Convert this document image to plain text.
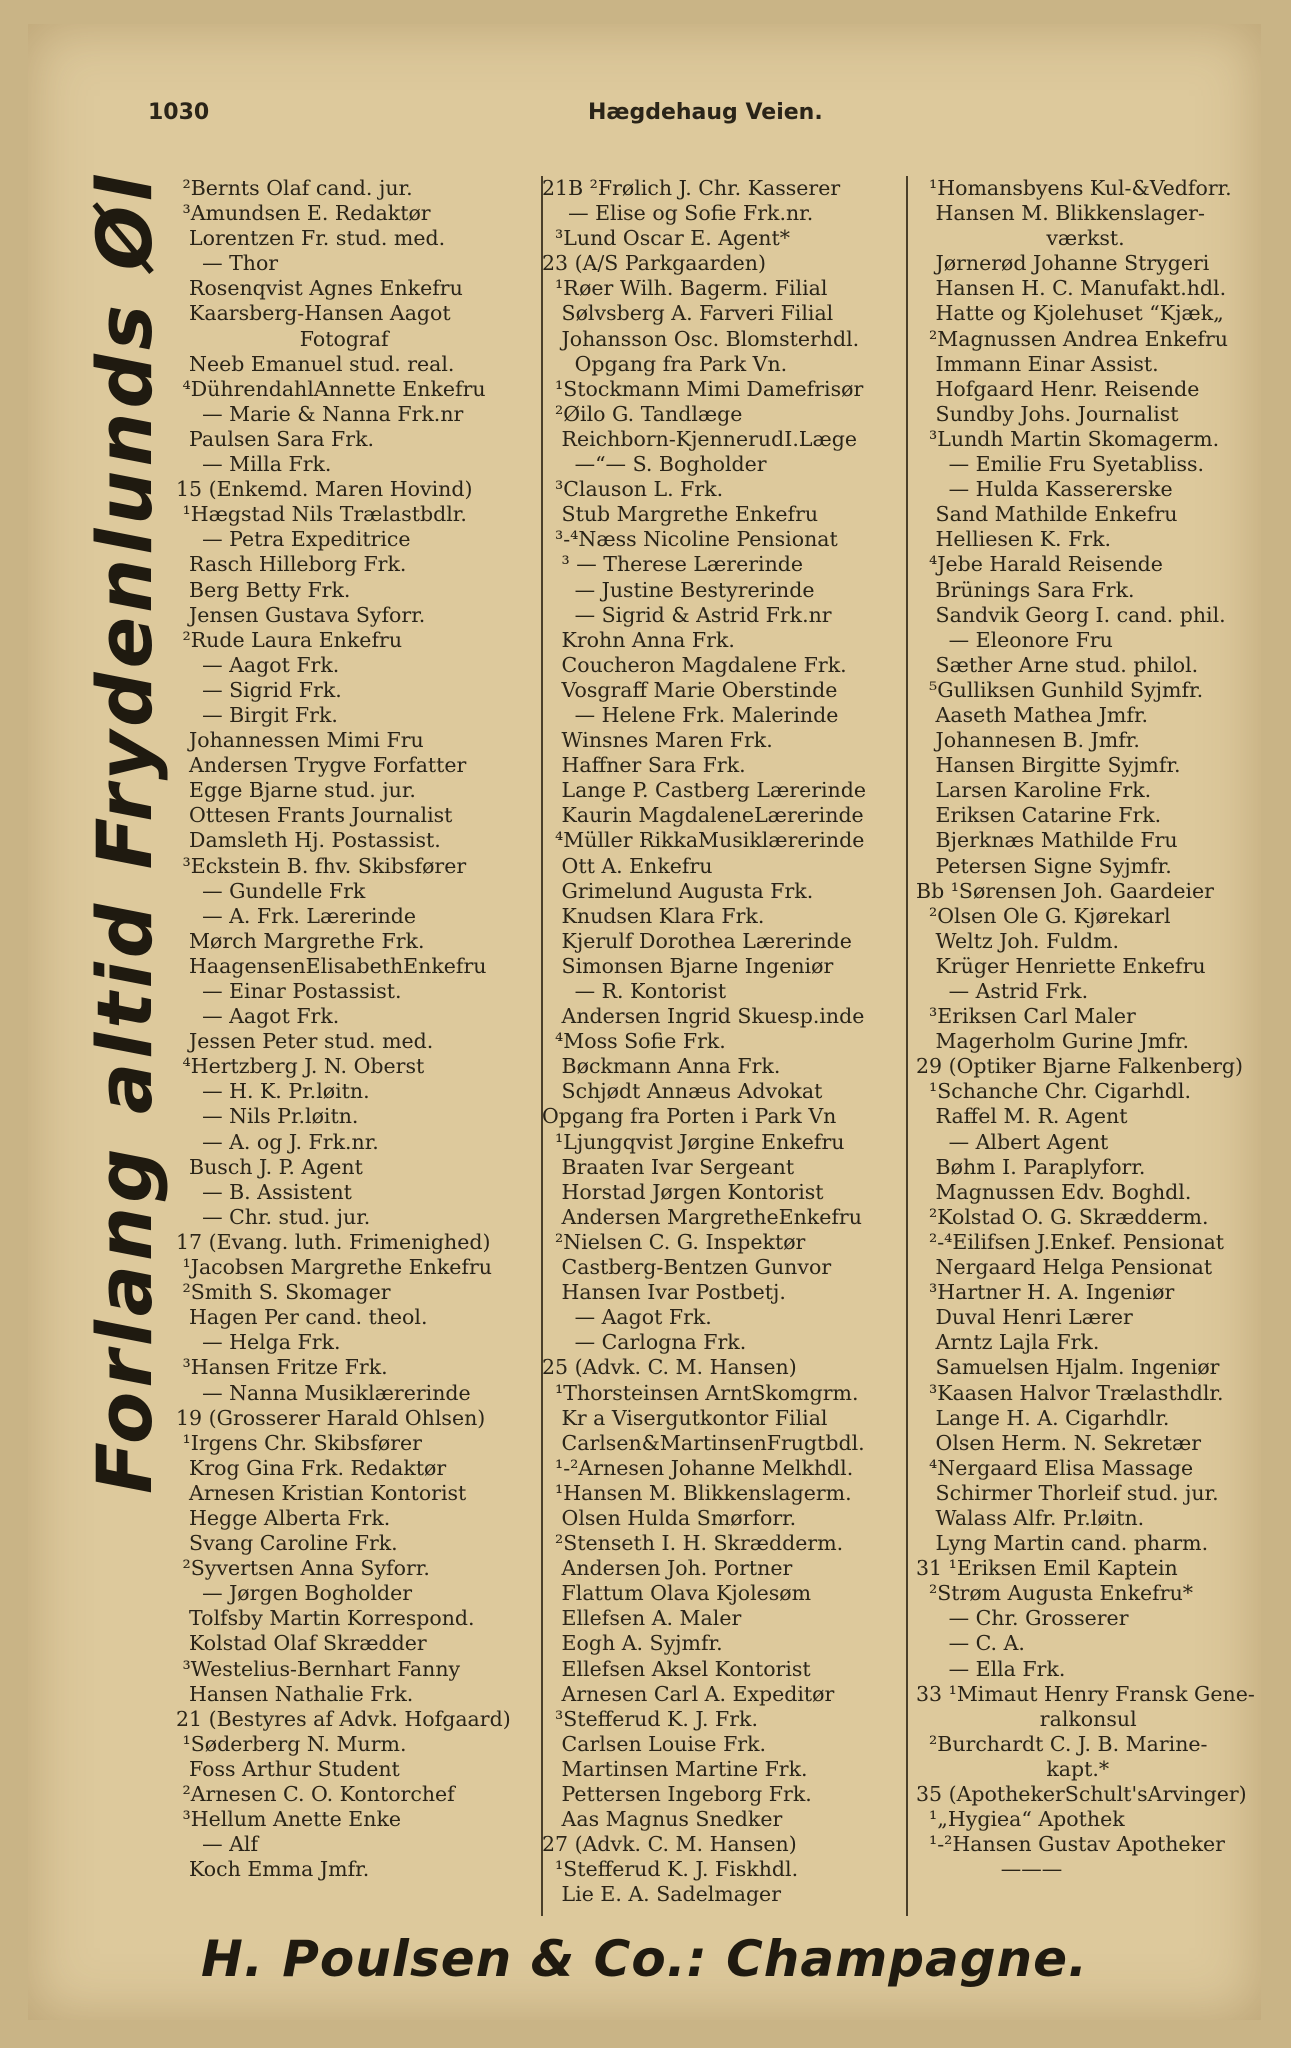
1030	Hægdehaug Veien.
Forlang altid Frydenlunds Øl ²Bernts Olaf cand. jur.
³Amundsen E. Redaktør
Lorentzen Fr. stud. med.
— Thor
Rosenqvist Agnes Enkefru
Kaarsberg-Hansen Aagot
Fotograf
Neeb Emanuel stud. real.
⁴DührendahlAnnette Enkefru
— Marie & Nanna Frk.nr
Paulsen Sara Frk.
— Milla Frk.
15 (Enkemd. Maren Hovind)
¹Hægstad Nils Trælastbdlr.
— Petra Expeditrice
Rasch Hilleborg Frk.
Berg Betty Frk.
Jensen Gustava Syforr.
²Rude Laura Enkefru
— Aagot Frk.
— Sigrid Frk.
— Birgit Frk.
Johannessen Mimi Fru
Andersen Trygve Forfatter
Egge Bjarne stud. jur.
Ottesen Frants Journalist
Damsleth Hj. Postassist.
³Eckstein B. fhv. Skibsfører
— Gundelle Frk
— A. Frk. Lærerinde
Mørch Margrethe Frk.
HaagensenElisabethEnkefru
— Einar Postassist.
— Aagot Frk.
Jessen Peter stud. med.
⁴Hertzberg J. N. Oberst
— H. K. Pr.løitn.
— Nils Pr.løitn.
— A. og J. Frk.nr.
Busch J. P. Agent
— B. Assistent
— Chr. stud. jur.
17 (Evang. luth. Frimenighed)
¹Jacobsen Margrethe Enkefru
²Smith S. Skomager
Hagen Per cand. theol.
— Helga Frk.
³Hansen Fritze Frk.
— Nanna Musiklærerinde
19 (Grosserer Harald Ohlsen)
¹Irgens Chr. Skibsfører
Krog Gina Frk. Redaktør
Arnesen Kristian Kontorist
Hegge Alberta Frk.
Svang Caroline Frk.
²Syvertsen Anna Syforr.
— Jørgen Bogholder
Tolfsby Martin Korrespond.
Kolstad Olaf Skrædder
³Westelius-Bernhart Fanny
Hansen Nathalie Frk.
21 (Bestyres af Advk. Hofgaard)
¹Søderberg N. Murm.
Foss Arthur Student
²Arnesen C. O. Kontorchef
³Hellum Anette Enke
— Alf
Koch Emma Jmfr.
21B ²Frølich J. Chr. Kasserer
— Elise og Sofie Frk.nr.
³Lund Oscar E. Agent*
23 (A/S Parkgaarden)
¹Røer Wilh. Bagerm. Filial
Sølvsberg A. Farveri Filial
Johansson Osc. Blomsterhdl.
Opgang fra Park Vn.
¹Stockmann Mimi Damefrisør
²Øilo G. Tandlæge
Reichborn-KjennerudI.Læge
—“— S. Bogholder
³Clauson L. Frk.
Stub Margrethe Enkefru
³-⁴Næss Nicoline Pensionat
³ — Therese Lærerinde
— Justine Bestyrerinde
— Sigrid & Astrid Frk.nr
Krohn Anna Frk.
Coucheron Magdalene Frk.
Vosgraff Marie Oberstinde
— Helene Frk. Malerinde
Winsnes Maren Frk.
Haffner Sara Frk.
Lange P. Castberg Lærerinde
Kaurin MagdaleneLærerinde
⁴Müller RikkaMusiklærerinde
Ott A. Enkefru
Grimelund Augusta Frk.
Knudsen Klara Frk.
Kjerulf Dorothea Lærerinde
Simonsen Bjarne Ingeniør
— R. Kontorist
Andersen Ingrid Skuesp.inde
⁴Moss Sofie Frk.
Bøckmann Anna Frk.
Schjødt Annæus Advokat
Opgang fra Porten i Park Vn
¹Ljungqvist Jørgine Enkefru
Braaten Ivar Sergeant
Horstad Jørgen Kontorist
Andersen MargretheEnkefru
²Nielsen C. G. Inspektør
Castberg-Bentzen Gunvor
Hansen Ivar Postbetj.
— Aagot Frk.
— Carlogna Frk.
25 (Advk. C. M. Hansen)
¹Thorsteinsen ArntSkomgrm.
Kr a Visergutkontor Filial
Carlsen&MartinsenFrugtbdl.
¹-²Arnesen Johanne Melkhdl.
¹Hansen M. Blikkenslagerm.
Olsen Hulda Smørforr.
²Stenseth I. H. Skrædderm.
Andersen Joh. Portner
Flattum Olava Kjolesøm
Ellefsen A. Maler
Eogh A. Syjmfr.
Ellefsen Aksel Kontorist
Arnesen Carl A. Expeditør
³Stefferud K. J. Frk.
Carlsen Louise Frk.
Martinsen Martine Frk.
Pettersen Ingeborg Frk.
Aas Magnus Snedker
27 (Advk. C. M. Hansen)
¹Stefferud K. J. Fiskhdl.
Lie E. A. Sadelmager
¹Homansbyens Kul-&Vedforr.
Hansen M. Blikkenslager-
værkst.
Jørnerød Johanne Strygeri
Hansen H. C. Manufakt.hdl.
Hatte og Kjolehuset “Kjæk„
²Magnussen Andrea Enkefru
Immann Einar Assist.
Hofgaard Henr. Reisende
Sundby Johs. Journalist
³Lundh Martin Skomagerm.
— Emilie Fru Syetabliss.
— Hulda Kassererske
Sand Mathilde Enkefru
Helliesen K. Frk.
⁴Jebe Harald Reisende
Brünings Sara Frk.
Sandvik Georg I. cand. phil.
— Eleonore Fru
Sæther Arne stud. philol.
⁵Gulliksen Gunhild Syjmfr.
Aaseth Mathea Jmfr.
Johannesen B. Jmfr.
Hansen Birgitte Syjmfr.
Larsen Karoline Frk.
Eriksen Catarine Frk.
Bjerknæs Mathilde Fru
Petersen Signe Syjmfr.
Bb ¹Sørensen Joh. Gaardeier
²Olsen Ole G. Kjørekarl
Weltz Joh. Fuldm.
Krüger Henriette Enkefru
— Astrid Frk.
³Eriksen Carl Maler
Magerholm Gurine Jmfr.
29 (Optiker Bjarne Falkenberg)
¹Schanche Chr. Cigarhdl.
Raffel M. R. Agent
— Albert Agent
Bøhm I. Paraplyforr.
Magnussen Edv. Boghdl.
²Kolstad O. G. Skrædderm.
²-⁴Eilifsen J.Enkef. Pensionat
Nergaard Helga Pensionat
³Hartner H. A. Ingeniør
Duval Henri Lærer
Arntz Lajla Frk.
Samuelsen Hjalm. Ingeniør
³Kaasen Halvor Trælasthdlr.
Lange H. A. Cigarhdlr.
Olsen Herm. N. Sekretær
⁴Nergaard Elisa Massage
Schirmer Thorleif stud. jur.
Walass Alfr. Pr.løitn.
Lyng Martin cand. pharm.
31 ¹Eriksen Emil Kaptein
²Strøm Augusta Enkefru*
— Chr. Grosserer
— C. A.
— Ella Frk.
33 ¹Mimaut Henry Fransk Gene-
ralkonsul
²Burchardt C. J. B. Marine-
kapt.*
35 (ApothekerSchult'sArvinger)
¹„Hygiea“ Apothek
¹-²Hansen Gustav Apotheker
———
H. Poulsen & Co.: Champagne.
